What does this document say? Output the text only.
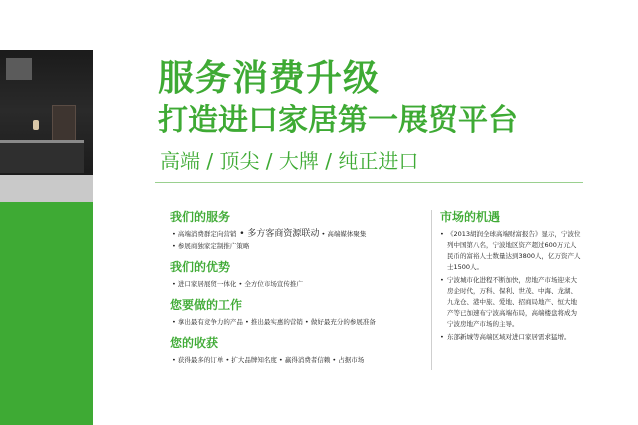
服务消费升级
打造进口家居第一展贸平台
高端 / 顶尖 / 大牌 / 纯正进口
我们的服务
• 高端消费群定向营销 • 多方客商资源联动 • 高端媒体聚集
• 参展商独家定制推广策略
我们的优势
• 进口家居展贸一体化 • 全方位市场宣传推广
您要做的工作
• 拿出最有竞争力的产品 • 推出最实惠的营销 • 做好最充分的参展准备
您的收获
• 获得最多的订单 • 扩大品牌知名度 • 赢得消费者信赖 • 占据市场
市场的机遇
• 《2013胡润全球高端财富报告》显示，宁波位列中国第八名，宁波地区资产超过600万元人民币的富裕人士数量达到3800人，亿万资产人士1500人。
• 宁波城市化进程不断加快，房地产市场迎来大房企时代，万科、保利、世茂、中海、龙湖、九龙仓、港中旅、爱地、招商局地产、恒大地产等已加速布宁波高端布局，高端楼盘将成为宁波房地产市场的主导。
• 东部新城等高端区域对进口家居需求猛增。
